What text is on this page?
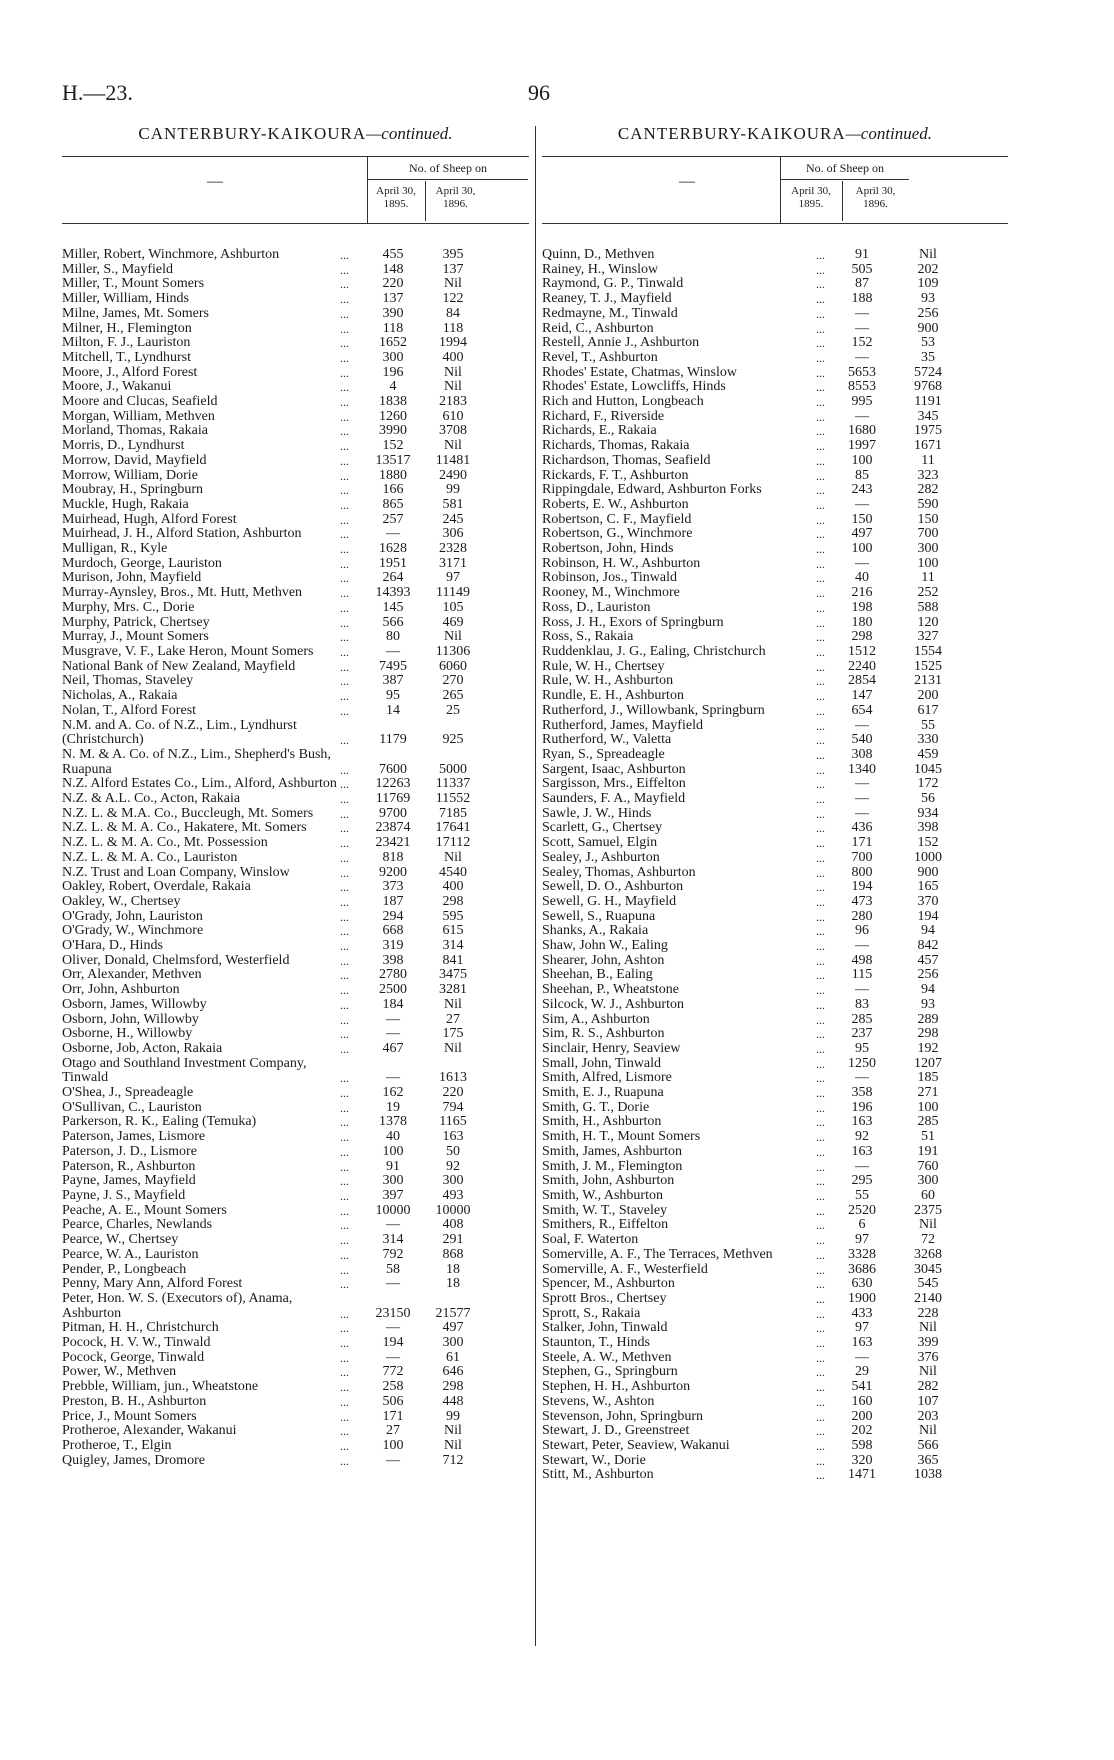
H.—23.	96
CANTERBURY-KAIKOURA—continued.
—
No. of Sheep on
April 30, 1895.
April 30, 1896.
Miller, Robert, Winchmore, Ashburton	...	455	395
Miller, S., Mayfield	...	148	137
Miller, T., Mount Somers	...	220	Nil
Miller, William, Hinds	...	137	122
Milne, James, Mt. Somers	...	390	84
Milner, H., Flemington	...	118	118
Milton, F. J., Lauriston	...	1652	1994
Mitchell, T., Lyndhurst	...	300	400
Moore, J., Alford Forest	...	196	Nil
Moore, J., Wakanui	...	4	Nil
Moore and Clucas, Seafield	...	1838	2183
Morgan, William, Methven	...	1260	610
Morland, Thomas, Rakaia	...	3990	3708
Morris, D., Lyndhurst	...	152	Nil
Morrow, David, Mayfield	...	13517	11481
Morrow, William, Dorie	...	1880	2490
Moubray, H., Springburn	...	166	99
Muckle, Hugh, Rakaia	...	865	581
Muirhead, Hugh, Alford Forest	...	257	245
Muirhead, J. H., Alford Station, Ashburton	...	—	306
Mulligan, R., Kyle	...	1628	2328
Murdoch, George, Lauriston	...	1951	3171
Murison, John, Mayfield	...	264	97
Murray-Aynsley, Bros., Mt. Hutt, Methven	...	14393	11149
Murphy, Mrs. C., Dorie	...	145	105
Murphy, Patrick, Chertsey	...	566	469
Murray, J., Mount Somers	...	80	Nil
Musgrave, V. F., Lake Heron, Mount Somers	...	—	11306
National Bank of New Zealand, Mayfield	...	7495	6060
Neil, Thomas, Staveley	...	387	270
Nicholas, A., Rakaia	...	95	265
Nolan, T., Alford Forest	...	14	25
N.M. and A. Co. of N.Z., Lim., Lyndhurst (Christchurch)	...	1179	925
N. M. & A. Co. of N.Z., Lim., Shepherd's Bush, Ruapuna	...	7600	5000
N.Z. Alford Estates Co., Lim., Alford, Ashburton ...	12263	11337
N.Z. & A.L. Co., Acton, Rakaia	...	11769	11552
N.Z. L. & M.A. Co., Buccleugh, Mt. Somers	...	9700	7185
N.Z. L. & M. A. Co., Hakatere, Mt. Somers	...	23874	17641
N.Z. L. & M. A. Co., Mt. Possession	...	23421	17112
N.Z. L. & M. A. Co., Lauriston	...	818	Nil
N.Z. Trust and Loan Company, Winslow	...	9200	4540
Oakley, Robert, Overdale, Rakaia	...	373	400
Oakley, W., Chertsey	...	187	298
O'Grady, John, Lauriston	...	294	595
O'Grady, W., Winchmore	...	668	615
O'Hara, D., Hinds	...	319	314
Oliver, Donald, Chelmsford, Westerfield	...	398	841
Orr, Alexander, Methven	...	2780	3475
Orr, John, Ashburton	...	2500	3281
Osborn, James, Willowby	...	184	Nil
Osborn, John, Willowby	...	—	27
Osborne, H., Willowby	...	—	175
Osborne, Job, Acton, Rakaia	...	467	Nil
Otago and Southland Investment Company, Tinwald	...	—	1613
O'Shea, J., Spreadeagle	...	162	220
O'Sullivan, C., Lauriston	...	19	794
Parkerson, R. K., Ealing (Temuka)	...	1378	1165
Paterson, James, Lismore	...	40	163
Paterson, J. D., Lismore	...	100	50
Paterson, R., Ashburton	...	91	92
Payne, James, Mayfield	...	300	300
Payne, J. S., Mayfield	...	397	493
Peache, A. E., Mount Somers	...	10000	10000
Pearce, Charles, Newlands	...	—	408
Pearce, W., Chertsey	...	314	291
Pearce, W. A., Lauriston	...	792	868
Pender, P., Longbeach	...	58	18
Penny, Mary Ann, Alford Forest	...	—	18
Peter, Hon. W. S. (Executors of), Anama, Ashburton	...	23150	21577
Pitman, H. H., Christchurch	...	—	497
Pocock, H. V. W., Tinwald	...	194	300
Pocock, George, Tinwald	...	—	61
Power, W., Methven	...	772	646
Prebble, William, jun., Wheatstone	...	258	298
Preston, B. H., Ashburton	...	506	448
Price, J., Mount Somers	...	171	99
Protheroe, Alexander, Wakanui	...	27	Nil
Protheroe, T., Elgin	...	100	Nil
Quigley, James, Dromore	...	—	712
CANTERBURY-KAIKOURA—continued.
—
No. of Sheep on
April 30, 1895.
April 30, 1896.
Quinn, D., Methven	...	91	Nil
Rainey, H., Winslow	...	505	202
Raymond, G. P., Tinwald	...	87	109
Reaney, T. J., Mayfield	...	188	93
Redmayne, M., Tinwald	...	—	256
Reid, C., Ashburton	...	—	900
Restell, Annie J., Ashburton	...	152	53
Revel, T., Ashburton	...	—	35
Rhodes' Estate, Chatmas, Winslow	...	5653	5724
Rhodes' Estate, Lowcliffs, Hinds	...	8553	9768
Rich and Hutton, Longbeach	...	995	1191
Richard, F., Riverside	...	—	345
Richards, E., Rakaia	...	1680	1975
Richards, Thomas, Rakaia	...	1997	1671
Richardson, Thomas, Seafield	...	100	11
Rickards, F. T., Ashburton	...	85	323
Rippingdale, Edward, Ashburton Forks	...	243	282
Roberts, E. W., Ashburton	...	—	590
Robertson, C. F., Mayfield	...	150	150
Robertson, G., Winchmore	...	497	700
Robertson, John, Hinds	...	100	300
Robinson, H. W., Ashburton	...	—	100
Robinson, Jos., Tinwald	...	40	11
Rooney, M., Winchmore	...	216	252
Ross, D., Lauriston	...	198	588
Ross, J. H., Exors of Springburn	...	180	120
Ross, S., Rakaia	...	298	327
Ruddenklau, J. G., Ealing, Christchurch	...	1512	1554
Rule, W. H., Chertsey	...	2240	1525
Rule, W. H., Ashburton	...	2854	2131
Rundle, E. H., Ashburton	...	147	200
Rutherford, J., Willowbank, Springburn	...	654	617
Rutherford, James, Mayfield	...	—	55
Rutherford, W., Valetta	...	540	330
Ryan, S., Spreadeagle	...	308	459
Sargent, Isaac, Ashburton	...	1340	1045
Sargisson, Mrs., Eiffelton	...	—	172
Saunders, F. A., Mayfield	...	—	56
Sawle, J. W., Hinds	...	—	934
Scarlett, G., Chertsey	...	436	398
Scott, Samuel, Elgin	...	171	152
Sealey, J., Ashburton	...	700	1000
Sealey, Thomas, Ashburton	...	800	900
Sewell, D. O., Ashburton	...	194	165
Sewell, G. H., Mayfield	...	473	370
Sewell, S., Ruapuna	...	280	194
Shanks, A., Rakaia	...	96	94
Shaw, John W., Ealing	...	—	842
Shearer, John, Ashton	...	498	457
Sheehan, B., Ealing	...	115	256
Sheehan, P., Wheatstone	...	—	94
Silcock, W. J., Ashburton	...	83	93
Sim, A., Ashburton	...	285	289
Sim, R. S., Ashburton	...	237	298
Sinclair, Henry, Seaview	...	95	192
Small, John, Tinwald	...	1250	1207
Smith, Alfred, Lismore	...	—	185
Smith, E. J., Ruapuna	...	358	271
Smith, G. T., Dorie	...	196	100
Smith, H., Ashburton	...	163	285
Smith, H. T., Mount Somers	...	92	51
Smith, James, Ashburton	...	163	191
Smith, J. M., Flemington	...	—	760
Smith, John, Ashburton	...	295	300
Smith, W., Ashburton	...	55	60
Smith, W. T., Staveley	...	2520	2375
Smithers, R., Eiffelton	...	6	Nil
Soal, F. Waterton	...	97	72
Somerville, A. F., The Terraces, Methven	...	3328	3268
Somerville, A. F., Westerfield	...	3686	3045
Spencer, M., Ashburton	...	630	545
Sprott Bros., Chertsey	...	1900	2140
Sprott, S., Rakaia	...	433	228
Stalker, John, Tinwald	...	97	Nil
Staunton, T., Hinds	...	163	399
Steele, A. W., Methven	...	—	376
Stephen, G., Springburn	...	29	Nil
Stephen, H. H., Ashburton	...	541	282
Stevens, W., Ashton	...	160	107
Stevenson, John, Springburn	...	200	203
Stewart, J. D., Greenstreet	...	202	Nil
Stewart, Peter, Seaview, Wakanui	...	598	566
Stewart, W., Dorie	...	320	365
Stitt, M., Ashburton	...	1471	1038
